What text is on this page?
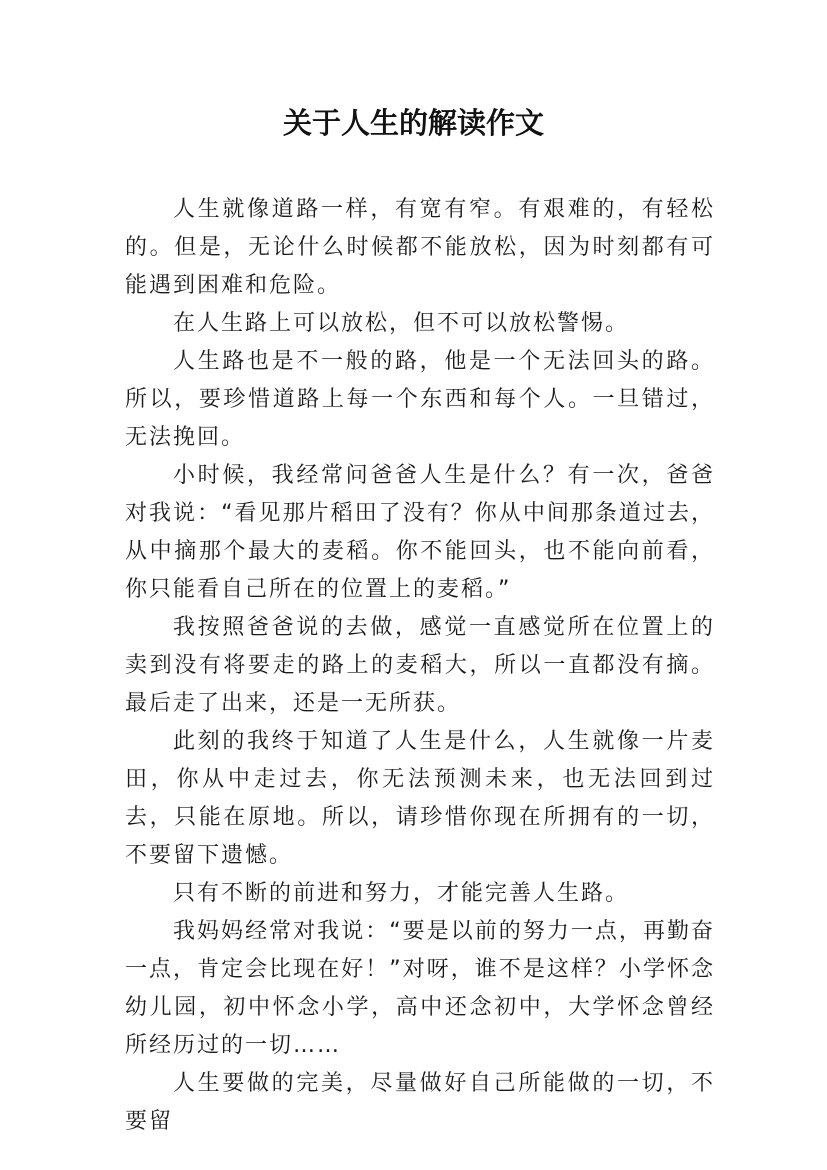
关于人生的解读作文

人生就像道路一样，有宽有窄。有艰难的，有轻松的。但是，无论什么时候都不能放松，因为时刻都有可能遇到困难和危险。

在人生路上可以放松，但不可以放松警惕。

人生路也是不一般的路，他是一个无法回头的路。所以，要珍惜道路上每一个东西和每个人。一旦错过，无法挽回。

小时候，我经常问爸爸人生是什么？有一次，爸爸对我说：“看见那片稻田了没有？你从中间那条道过去，从中摘那个最大的麦稻。你不能回头，也不能向前看，你只能看自己所在的位置上的麦稻。”

我按照爸爸说的去做，感觉一直感觉所在位置上的卖到没有将要走的路上的麦稻大，所以一直都没有摘。最后走了出来，还是一无所获。

此刻的我终于知道了人生是什么，人生就像一片麦田，你从中走过去，你无法预测未来，也无法回到过去，只能在原地。所以，请珍惜你现在所拥有的一切，不要留下遗憾。

只有不断的前进和努力，才能完善人生路。

我妈妈经常对我说：“要是以前的努力一点，再勤奋一点，肯定会比现在好！”对呀，谁不是这样？小学怀念幼儿园，初中怀念小学，高中还念初中，大学怀念曾经所经历过的一切……

人生要做的完美，尽量做好自己所能做的一切，不要留
